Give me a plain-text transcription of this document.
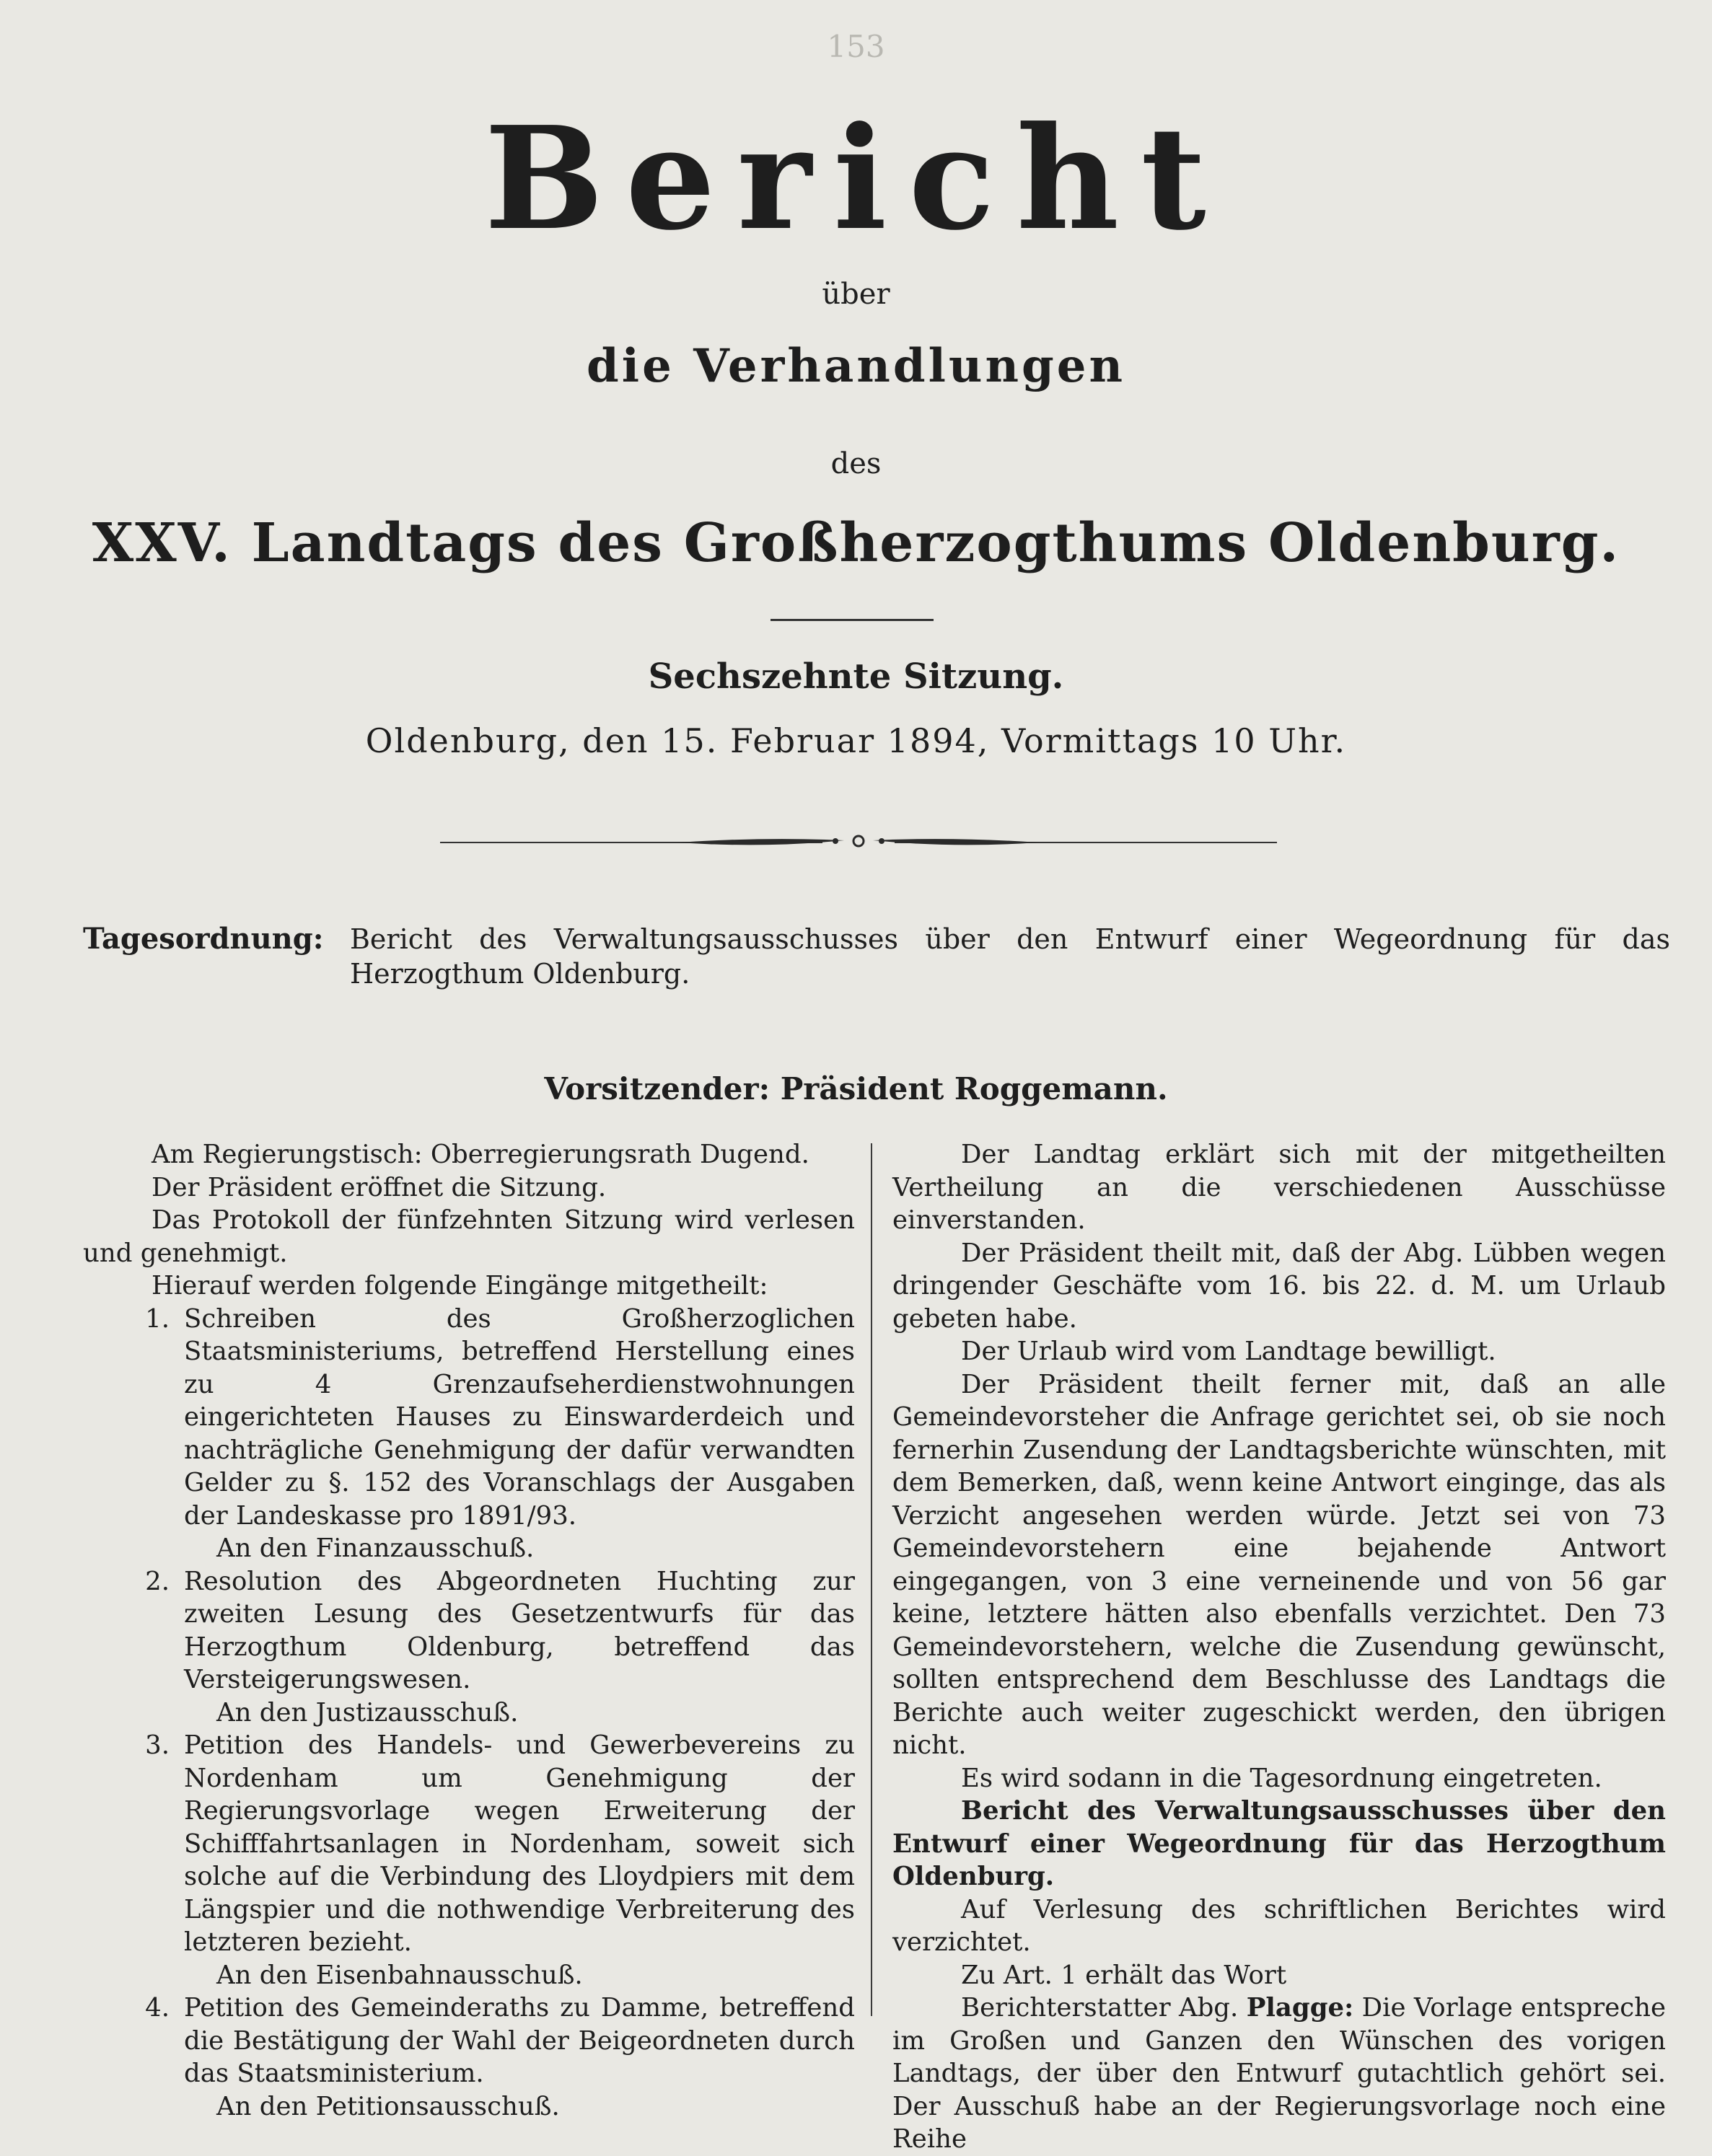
153
Bericht
über
die Verhandlungen
des
XXV. Landtags des Großherzogthums Oldenburg.
Sechszehnte Sitzung.
Oldenburg, den 15. Februar 1894, Vormittags 10 Uhr.
Tagesordnung: Bericht des Verwaltungsausschusses über den Entwurf einer Wegeordnung für das Herzogthum Oldenburg.
Vorsitzender: Präsident Roggemann.

Am Regierungstisch: Oberregierungsrath Dugend.

Der Präsident eröffnet die Sitzung.

Das Protokoll der fünfzehnten Sitzung wird verlesen und genehmigt.

Hierauf werden folgende Eingänge mitgetheilt:

1. Schreiben des Großherzoglichen Staatsministeriums, betreffend Herstellung eines zu 4 Grenzaufseherdienstwohnungen eingerichteten Hauses zu Einswarderdeich und nachträgliche Genehmigung der dafür verwandten Gelder zu §. 152 des Voranschlags der Ausgaben der Landeskasse pro 1891/93.

An den Finanzausschuß.

2. Resolution des Abgeordneten Huchting zur zweiten Lesung des Gesetzentwurfs für das Herzogthum Oldenburg, betreffend das Versteigerungswesen.

An den Justizausschuß.

3. Petition des Handels- und Gewerbevereins zu Nordenham um Genehmigung der Regierungsvorlage wegen Erweiterung der Schifffahrtsanlagen in Nordenham, soweit sich solche auf die Verbindung des Lloydpiers mit dem Längspier und die nothwendige Verbreiterung des letzteren bezieht.

An den Eisenbahnausschuß.

4. Petition des Gemeinderaths zu Damme, betreffend die Bestätigung der Wahl der Beigeordneten durch das Staatsministerium.

An den Petitionsausschuß.

Der Landtag erklärt sich mit der mitgetheilten Vertheilung an die verschiedenen Ausschüsse einverstanden.

Der Präsident theilt mit, daß der Abg. Lübben wegen dringender Geschäfte vom 16. bis 22. d. M. um Urlaub gebeten habe.

Der Urlaub wird vom Landtage bewilligt.

Der Präsident theilt ferner mit, daß an alle Gemeindevorsteher die Anfrage gerichtet sei, ob sie noch fernerhin Zusendung der Landtagsberichte wünschten, mit dem Bemerken, daß, wenn keine Antwort einginge, das als Verzicht angesehen werden würde. Jetzt sei von 73 Gemeindevorstehern eine bejahende Antwort eingegangen, von 3 eine verneinende und von 56 gar keine, letztere hätten also ebenfalls verzichtet. Den 73 Gemeindevorstehern, welche die Zusendung gewünscht, sollten entsprechend dem Beschlusse des Landtags die Berichte auch weiter zugeschickt werden, den übrigen nicht.

Es wird sodann in die Tagesordnung eingetreten.

Bericht des Verwaltungsausschusses über den Entwurf einer Wegeordnung für das Herzogthum Oldenburg.

Auf Verlesung des schriftlichen Berichtes wird verzichtet.

Zu Art. 1 erhält das Wort

Berichterstatter Abg. Plagge: Die Vorlage entspreche im Großen und Ganzen den Wünschen des vorigen Landtags, der über den Entwurf gutachtlich gehört sei. Der Ausschuß habe an der Regierungsvorlage noch eine Reihe
